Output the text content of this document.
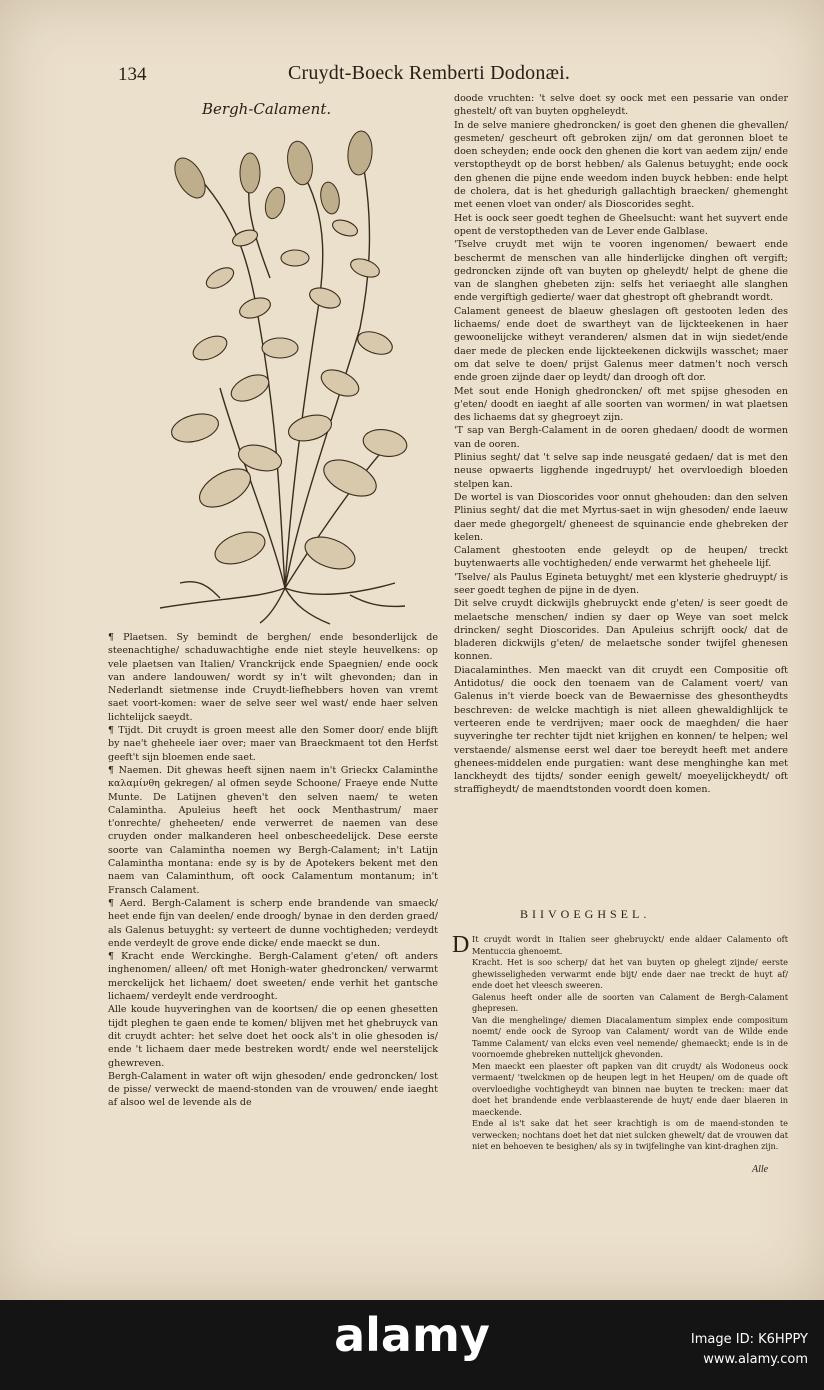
134	Cruydt-Boeck Remberti Dodonæi.
Bergh-Calament.

doode vruchten: 't selve doet sy oock met een pessarie van onder ghestelt/ oft van buyten opgheleydt.

In de selve maniere ghedroncken/ is goet den ghenen die ghevallen/ gesmeten/ gescheurt oft gebroken zijn/ om dat geronnen bloet te doen scheyden; ende oock den ghenen die kort van aedem zijn/ ende verstoptheydt op de borst hebben/ als Galenus betuyght; ende oock den ghenen die pijne ende weedom inden buyck hebben: ende helpt de cholera, dat is het ghedurigh gallachtigh braecken/ ghemenght met eenen vloet van onder/ als Dioscorides seght.

Het is oock seer goedt teghen de Gheelsucht: want het suyvert ende opent de verstoptheden van de Lever ende Galblase.

'Tselve cruydt met wijn te vooren ingenomen/ bewaert ende beschermt de menschen van alle hinderlijcke dinghen oft vergift; gedroncken zijnde oft van buyten op gheleydt/ helpt de ghene die van de slanghen ghebeten zijn: selfs het veriaeght alle slanghen ende vergiftigh gedierte/ waer dat ghestropt oft ghebrandt wordt.

Calament geneest de blaeuw gheslagen oft gestooten leden des lichaems/ ende doet de swartheyt van de lijckteekenen in haer gewoonelijcke witheyt veranderen/ alsmen dat in wijn siedet/ende daer mede de plecken ende lijckteekenen dickwijls wasschet; maer om dat selve te doen/ prijst Galenus meer datmen't noch versch ende groen zijnde daer op leydt/ dan droogh oft dor.

Met sout ende Honigh ghedroncken/ oft met spijse ghesoden en g'eten/ doodt en iaeght af alle soorten van wormen/ in wat plaetsen des lichaems dat sy ghegroeyt zijn.

'T sap van Bergh-Calament in de ooren ghedaen/ doodt de wormen van de ooren.

Plinius seght/ dat 't selve sap inde neusgaté gedaen/ dat is met den neuse opwaerts ligghende ingedruypt/ het overvloedigh bloeden stelpen kan.

De wortel is van Dioscorides voor onnut ghehouden: dan den selven Plinius seght/ dat die met Myrtus-saet in wijn ghesoden/ ende laeuw daer mede ghegorgelt/ gheneest de squinancie ende ghebreken der kelen.

Calament ghestooten ende geleydt op de heupen/ treckt buytenwaerts alle vochtigheden/ ende verwarmt het gheheele lijf.

'Tselve/ als Paulus Egineta betuyght/ met een klysterie ghedruypt/ is seer goedt teghen de pijne in de dyen.

Dit selve cruydt dickwijls ghebruyckt ende g'eten/ is seer goedt de melaetsche menschen/ indien sy daer op Weye van soet melck drincken/ seght Dioscorides. Dan Apuleius schrijft oock/ dat de bladeren dickwijls g'eten/ de melaetsche sonder twijfel ghenesen konnen.

Diacalaminthes. Men maeckt van dit cruydt een Compositie oft Antidotus/ die oock den toenaem van de Calament voert/ van Galenus in't vierde boeck van de Bewaernisse des ghesontheydts beschreven: de welcke machtigh is niet alleen ghewaldighlijck te verteeren ende te verdrijven; maer oock de maeghden/ die haer suyveringhe ter rechter tijdt niet krijghen en konnen/ te helpen; wel verstaende/ alsmense eerst wel daer toe bereydt heeft met andere ghenees-middelen ende purgatien: want dese menghinghe kan met lanckheydt des tijdts/ sonder eenigh gewelt/ moeyelijckheydt/ oft straffigheydt/ de maendtstonden voordt doen komen.

¶ Plaetsen. Sy bemindt de berghen/ ende besonderlijck de steenachtighe/ schaduwachtighe ende niet steyle heuvelkens: op vele plaetsen van Italien/ Vranckrijck ende Spaegnien/ ende oock van andere landouwen/ wordt sy in't wilt ghevonden; dan in Nederlandt sietmense inde Cruydt-liefhebbers hoven van vremt saet voort-komen: waer de selve seer wel wast/ ende haer selven lichtelijck saeydt.

¶ Tijdt. Dit cruydt is groen meest alle den Somer door/ ende blijft by nae't gheheele iaer over; maer van Braeckmaent tot den Herfst geeft't sijn bloemen ende saet.

¶ Naemen. Dit ghewas heeft sijnen naem in't Grieckx Calaminthe καλαμίνθη gekregen/ al ofmen seyde Schoone/ Fraeye ende Nutte Munte. De Latijnen gheven't den selven naem/ te weten Calamintha. Apuleius heeft het oock Menthastrum/ maer t'onrechte/ gheheeten/ ende verwerret de naemen van dese cruyden onder malkanderen heel onbescheedelijck. Dese eerste soorte van Calamintha noemen wy Bergh-Calament; in't Latijn Calamintha montana: ende sy is by de Apotekers bekent met den naem van Calaminthum, oft oock Calamentum montanum; in't Fransch Calament.

¶ Aerd. Bergh-Calament is scherp ende brandende van smaeck/ heet ende fijn van deelen/ ende droogh/ bynae in den derden graed/ als Galenus betuyght: sy verteert de dunne vochtigheden; verdeydt ende verdeylt de grove ende dicke/ ende maeckt se dun.

¶ Kracht ende Werckinghe. Bergh-Calament g'eten/ oft anders inghenomen/ alleen/ oft met Honigh-water ghedroncken/ verwarmt merckelijck het lichaem/ doet sweeten/ ende verhit het gantsche lichaem/ verdeylt ende verdrooght.

Alle koude huyveringhen van de koortsen/ die op eenen ghesetten tijdt pleghen te gaen ende te komen/ blijven met het ghebruyck van dit cruydt achter: het selve doet het oock als't in olie ghesoden is/ ende 't lichaem daer mede bestreken wordt/ ende wel neerstelijck ghewreven.

Bergh-Calament in water oft wijn ghesoden/ ende gedroncken/ lost de pisse/ verweckt de maend-stonden van de vrouwen/ ende iaeght af alsoo wel de levende als de

BIIVOEGHSEL.
D It cruydt wordt in Italien seer ghebruyckt/ ende aldaer Calamento oft Mentuccia ghenoemt.

Kracht. Het is soo scherp/ dat het van buyten op ghelegt zijnde/ eerste ghewisseligheden verwarmt ende bijt/ ende daer nae treckt de huyt af/ ende doet het vleesch sweeren.

Galenus heeft onder alle de soorten van Calament de Bergh-Calament ghepresen.

Van die menghelinge/ diemen Diacalamentum simplex ende compositum noemt/ ende oock de Syroop van Calament/ wordt van de Wilde ende Tamme Calament/ van elcks even veel nemende/ ghemaeckt; ende is in de voornoemde ghebreken nuttelijck ghevonden.

Men maeckt een plaester oft papken van dit cruydt/ als Wodoneus oock vermaent/ 'twelckmen op de heupen legt in het Heupen/ om de quade oft overvloedighe vochtigheydt van binnen nae buyten te trecken: maer dat doet het brandende ende verblaasterende de huyt/ ende daer blaeren in maeckende.

Ende al is't sake dat het seer krachtigh is om de maend-stonden te verwecken; nochtans doet het dat niet sulcken ghewelt/ dat de vrouwen dat niet en behoeven te besighen/ als sy in twijfelinghe van kint-draghen zijn.

Alle
alamy	Image ID: K6HPPY
www.alamy.com
